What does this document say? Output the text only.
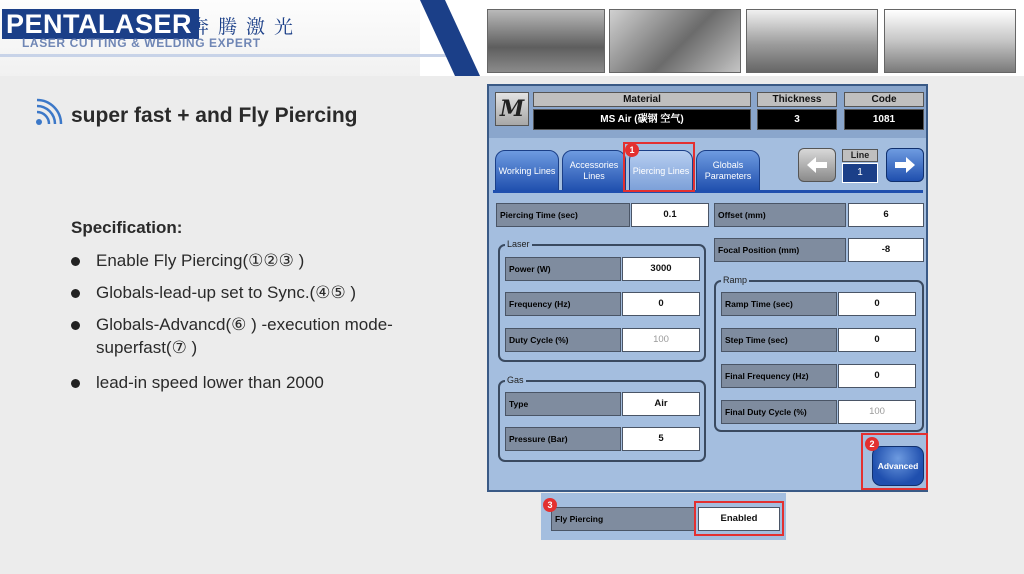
PENTALASER
奔腾激光
LASER CUTTING & WELDING EXPERT
super fast + and Fly Piercing
Specification:
Enable Fly Piercing(①②③ )
Globals-lead-up set to Sync.(④⑤ )
Globals-Advancd(⑥ ) -execution mode-superfast(⑦ )
lead-in speed lower than 2000
M	Material
MS Air (碳钢 空气)
Thickness
3
Code
1081
Working Lines
Accessories Lines
Piercing Lines
Globals Parameters
Line
1
Piercing Time (sec)	0.1	Offset (mm)	6
Focal Position (mm)	-8
Laser
Power (W)	3000
Frequency (Hz)	0
Duty Cycle (%)	100
Gas
Type	Air
Pressure (Bar)	5
Ramp
Ramp Time (sec)	0
Step Time (sec)	0
Final Frequency (Hz)	0
Final Duty Cycle (%)	100
Advanced
1
2
Fly Piercing	Enabled
3
